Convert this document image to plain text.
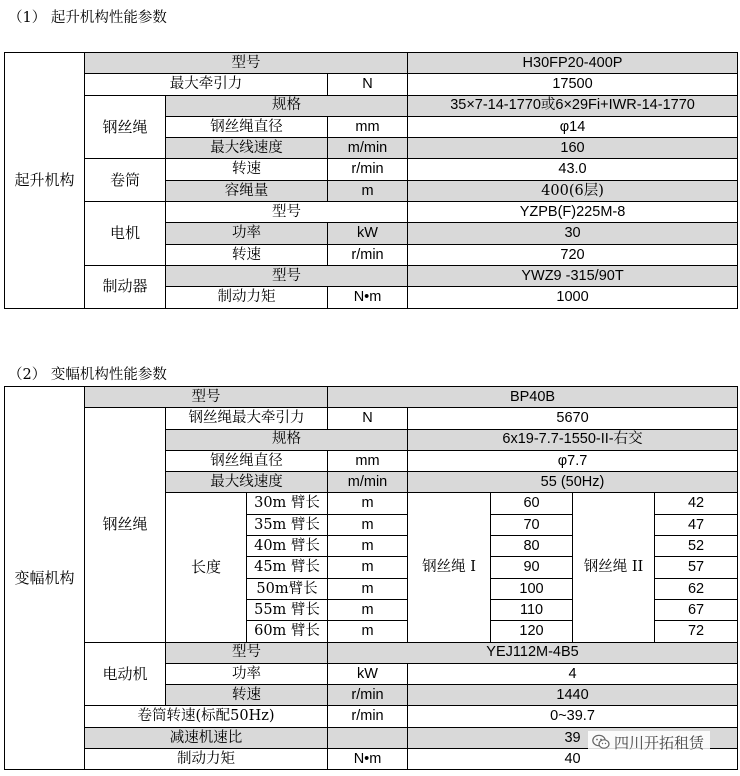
（1） 起升机构性能参数
起升机构	型号			H30FP20-400P
	最大牵引力		N	17500
	钢丝绳	规格		35×7-14-1770或6×29Fi+IWR-14-1770
		钢丝绳直径	mm	φ14
		最大线速度	m/min	160
	卷筒	转速	r/min	43.0
		容绳量	m	400(6层)
	电机	型号		YZPB(F)225M-8
		功率	kW	30
		转速	r/min	720
	制动器	型号		YWZ9 -315/90T
		制动力矩	N•m	1000
（2） 变幅机构性能参数
变幅机构	型号			BP40B				
	钢丝绳	钢丝绳最大牵引力		N	5670			
		规格			6x19-7.7-1550-II-右交			
		钢丝绳直径		mm	φ7.7			
		最大线速度		m/min	55 (50Hz)			
		长度	30m 臂长	m	钢丝绳 I	60	钢丝绳 II	42
			35m 臂长	m		70		47
			40m 臂长	m		80		52
			45m 臂长	m		90		57
			50m臂长	m		100		62
			55m 臂长	m		110		67
			60m 臂长	m		120		72
	电动机	型号		YEJ112M-4B5				
		功率		kW	4			
		转速		r/min	1440			
	卷筒转速(标配50Hz)			r/min	0~39.7			
	减速机速比				39			
	制动力矩			N•m	40			
四川开拓租赁
